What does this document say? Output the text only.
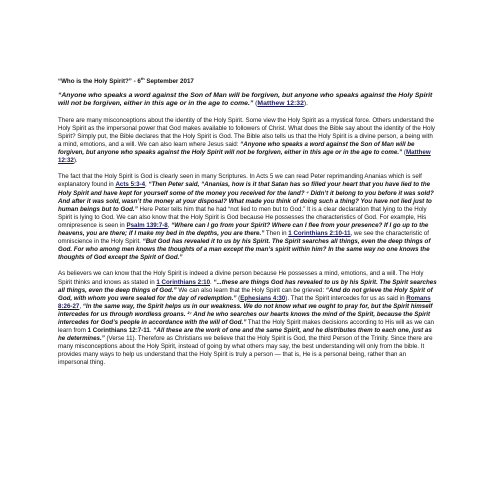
“Who is the Holy Spirit?” - 6th September 2017

“Anyone who speaks a word against the Son of Man will be forgiven, but anyone who speaks against the Holy Spirit will not be forgiven, either in this age or in the age to come.” (Matthew 12:32).

There are many misconceptions about the identity of the Holy Spirit. Some view the Holy Spirit as a mystical force. Others understand the Holy Spirit as the impersonal power that God makes available to followers of Christ. What does the Bible say about the identity of the Holy Spirit? Simply put, the Bible declares that the Holy Spirit is God. The Bible also tells us that the Holy Spirit is a divine person, a being with a mind, emotions, and a will. We can also learn where Jesus said: “Anyone who speaks a word against the Son of Man will be forgiven, but anyone who speaks against the Holy Spirit will not be forgiven, either in this age or in the age to come.” (Matthew 12:32).

The fact that the Holy Spirit is God is clearly seen in many Scriptures. In Acts 5 we can read Peter reprimanding Ananias which is self explanatory found in Acts 5:3-4, “Then Peter said, “Ananias, how is it that Satan has so filled your heart that you have lied to the Holy Spirit and have kept for yourself some of the money you received for the land? ⁴ Didn’t it belong to you before it was sold? And after it was sold, wasn’t the money at your disposal? What made you think of doing such a thing? You have not lied just to human beings but to God.” Here Peter tells him that he had “not lied to men but to God.” It is a clear declaration that lying to the Holy Spirit is lying to God. We can also know that the Holy Spirit is God because He possesses the characteristics of God. For example, His omnipresence is seen in Psalm 139:7-8, “Where can I go from your Spirit? Where can I flee from your presence? If I go up to the heavens, you are there; if I make my bed in the depths, you are there.” Then in 1 Corinthians 2:10-11, we see the characteristic of omniscience in the Holy Spirit. “But God has revealed it to us by his Spirit. The Spirit searches all things, even the deep things of God. For who among men knows the thoughts of a man except the man’s spirit within him? In the same way no one knows the thoughts of God except the Spirit of God.”

As believers we can know that the Holy Spirit is indeed a divine person because He possesses a mind, emotions, and a will. The Holy Spirit thinks and knows as stated in 1 Corinthians 2:10. “...these are things God has revealed to us by his Spirit. The Spirit searches all things, even the deep things of God.” We can also learn that the Holy Spirit can be grieved: “And do not grieve the Holy Spirit of God, with whom you were sealed for the day of redemption.” (Ephesians 4:30). That the Spirit intercedes for us as said in Romans 8:26-27, “In the same way, the Spirit helps us in our weakness. We do not know what we ought to pray for, but the Spirit himself intercedes for us through wordless groans. ²⁷ And he who searches our hearts knows the mind of the Spirit, because the Spirit intercedes for God’s people in accordance with the will of God.” That the Holy Spirit makes decisions according to His will as we can learn from 1 Corinthians 12:7-11. “All these are the work of one and the same Spirit, and he distributes them to each one, just as he determines.” (Verse 11). Therefore as Christians we believe that the Holy Spirit is God, the third Person of the Trinity. Since there are many misconceptions about the Holy Spirit, instead of going by what others may say, the best understanding will only from the bible. It provides many ways to help us understand that the Holy Spirit is truly a person — that is, He is a personal being, rather than an impersonal thing.
